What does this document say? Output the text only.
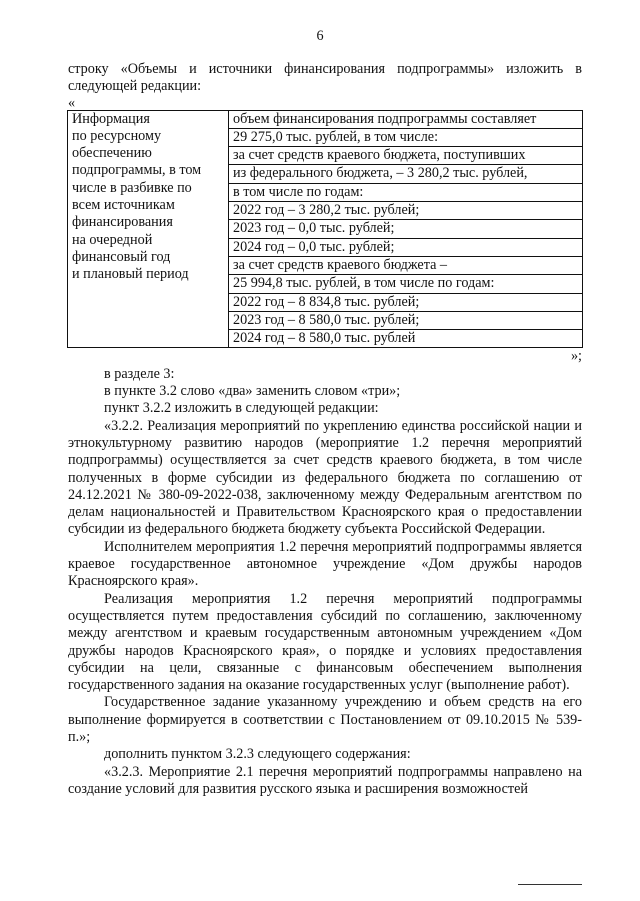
6

строку «Объемы и источники финансирования подпрограммы» изложить в следующей редакции:

«

Информация
по ресурсному
обеспечению
подпрограммы, в том
числе в разбивке по
всем источникам
финансирования
на очередной
финансовый год
и плановый период

объем финансирования подпрограммы составляет
29 275,0 тыс. рублей, в том числе:
за счет средств краевого бюджета, поступивших
из федерального бюджета, – 3 280,2 тыс. рублей,
в том числе по годам:
2022 год – 3 280,2 тыс. рублей;
2023 год – 0,0 тыс. рублей;
2024 год – 0,0 тыс. рублей;
за счет средств краевого бюджета –
25 994,8 тыс. рублей, в том числе по годам:
2022 год – 8 834,8 тыс. рублей;
2023 год – 8 580,0 тыс. рублей;
2024 год – 8 580,0 тыс. рублей

»;

в разделе 3:

в пункте 3.2 слово «два» заменить словом «три»;

пункт 3.2.2 изложить в следующей редакции:

«3.2.2. Реализация мероприятий по укреплению единства российской нации и этнокультурному развитию народов (мероприятие 1.2 перечня мероприятий подпрограммы) осуществляется за счет средств краевого бюджета, в том числе полученных в форме субсидии из федерального бюджета по соглашению от 24.12.2021 № 380-09-2022-038, заключенному между Федеральным агентством по делам национальностей и Правительством Красноярского края о предоставлении субсидии из федерального бюджета бюджету субъекта Российской Федерации.

Исполнителем мероприятия 1.2 перечня мероприятий подпрограммы является краевое государственное автономное учреждение «Дом дружбы народов Красноярского края».

Реализация мероприятия 1.2 перечня мероприятий подпрограммы осуществляется путем предоставления субсидий по соглашению, заключенному между агентством и краевым государственным автономным учреждением «Дом дружбы народов Красноярского края», о порядке и условиях предоставления субсидии на цели, связанные с финансовым обеспечением выполнения государственного задания на оказание государственных услуг (выполнение работ).

Государственное задание указанному учреждению и объем средств на его выполнение формируется в соответствии с Постановлением от 09.10.2015 № 539-п.»;

дополнить пунктом 3.2.3 следующего содержания:

«3.2.3. Мероприятие 2.1 перечня мероприятий подпрограммы направлено на создание условий для развития русского языка и расширения возможностей
